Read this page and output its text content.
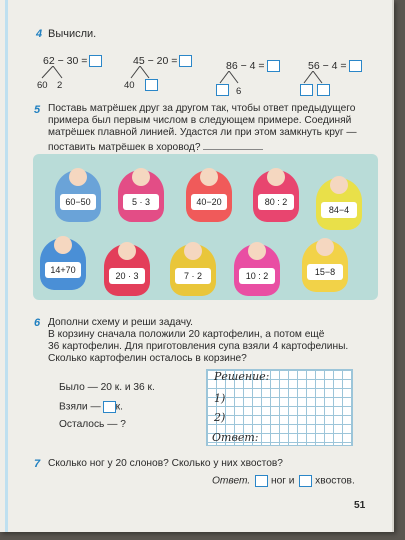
4 Вычисли.
62 − 30 =
60 2
45 − 20 =
40
86 − 4 =
6
56 − 4 =
5 Поставь матрёшек друг за другом так, чтобы ответ предыдущего
примера был первым числом в следующем примере. Соединяй
матрёшек плавной линией. Удастся ли при этом замкнуть круг —
поставить матрёшек в хоровод?
60−50	5 · 3	40−20	80 : 2
84−4
14+70
20 · 3	7 · 2	10 : 2	15−8
6 Дополни схему и реши задачу.
В корзину сначала положили 20 картофелин, а потом ещё
36 картофелин. Для приготовления супа взяли 4 картофелины.
Сколько картофелин осталось в корзине?
Было — 20 к. и 36 к.
Взяли — к.
Осталось — ?
Решение:
1)
2)
Ответ:
7 Сколько ног у 20 слонов? Сколько у них хвостов?
Ответ. ног и хвостов.
51
